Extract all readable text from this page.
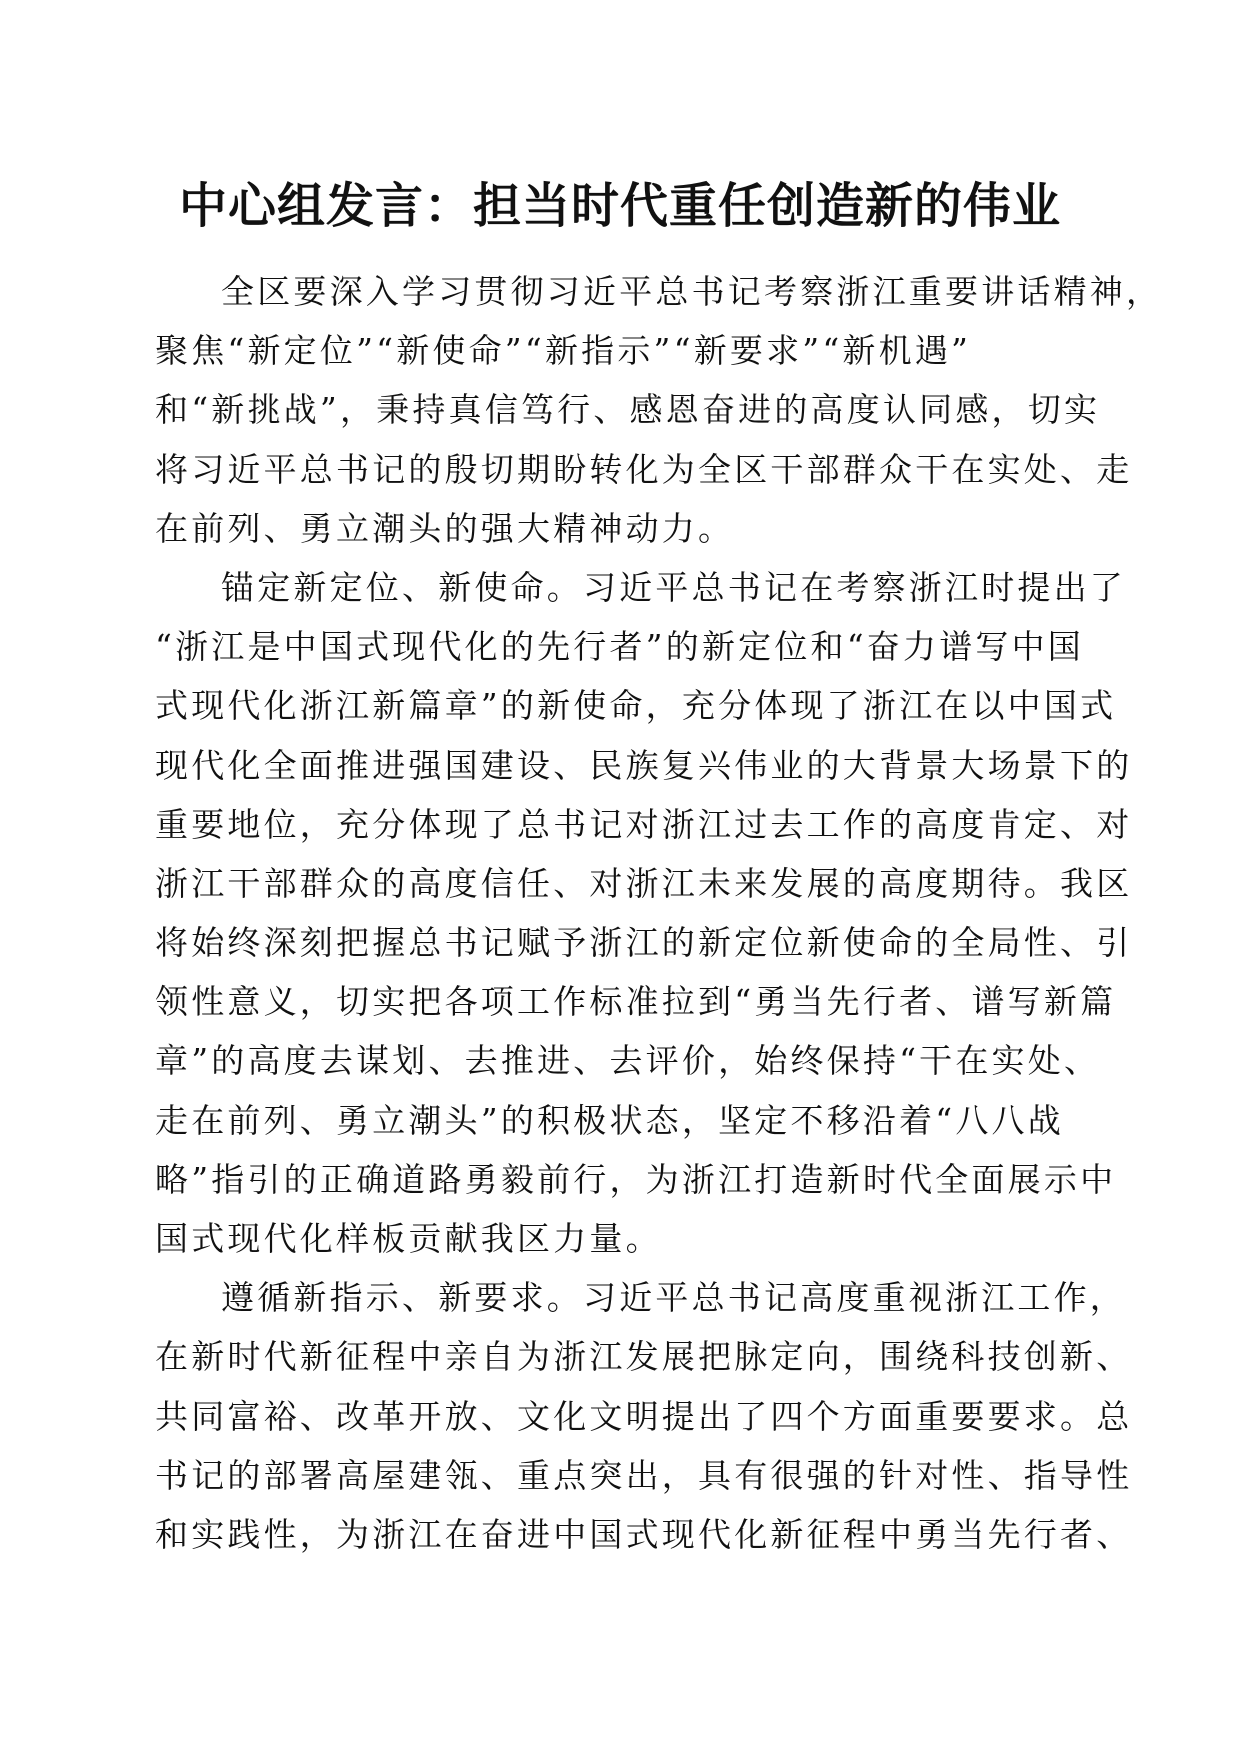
中心组发言：担当时代重任创造新的伟业
全区要深入学习贯彻习近平总书记考察浙江重要讲话精神，
聚焦“新定位”“新使命”“新指示”“新要求”“新机遇”
和“新挑战”，秉持真信笃行、感恩奋进的高度认同感，切实
将习近平总书记的殷切期盼转化为全区干部群众干在实处、走
在前列、勇立潮头的强大精神动力。
锚定新定位、新使命。习近平总书记在考察浙江时提出了
“浙江是中国式现代化的先行者”的新定位和“奋力谱写中国
式现代化浙江新篇章”的新使命，充分体现了浙江在以中国式
现代化全面推进强国建设、民族复兴伟业的大背景大场景下的
重要地位，充分体现了总书记对浙江过去工作的高度肯定、对
浙江干部群众的高度信任、对浙江未来发展的高度期待。我区
将始终深刻把握总书记赋予浙江的新定位新使命的全局性、引
领性意义，切实把各项工作标准拉到“勇当先行者、谱写新篇
章”的高度去谋划、去推进、去评价，始终保持“干在实处、
走在前列、勇立潮头”的积极状态，坚定不移沿着“八八战
略”指引的正确道路勇毅前行，为浙江打造新时代全面展示中
国式现代化样板贡献我区力量。
遵循新指示、新要求。习近平总书记高度重视浙江工作，
在新时代新征程中亲自为浙江发展把脉定向，围绕科技创新、
共同富裕、改革开放、文化文明提出了四个方面重要要求。总
书记的部署高屋建瓴、重点突出，具有很强的针对性、指导性
和实践性，为浙江在奋进中国式现代化新征程中勇当先行者、
